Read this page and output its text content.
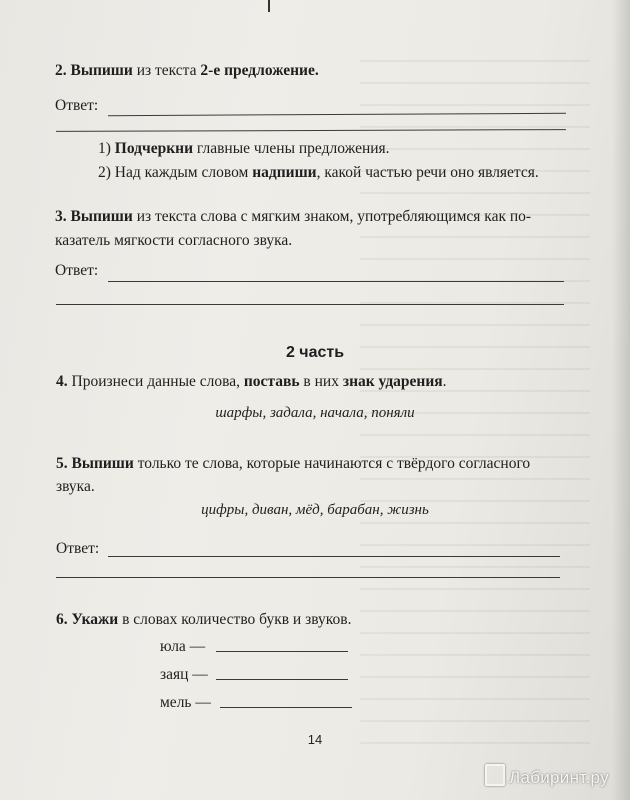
2. Выпиши из текста 2-е предложение.
Ответ:
1) Подчеркни главные члены предложения.
2) Над каждым словом надпиши, какой частью речи оно является.
3. Выпиши из текста слова с мягким знаком, употребляющимся как по-
казатель мягкости согласного звука.
Ответ:
2 часть
4. Произнеси данные слова, поставь в них знак ударения.
шарфы, задала, начала, поняли
5. Выпиши только те слова, которые начинаются с твёрдого согласного
звука.
цифры, диван, мёд, барабан, жизнь
Ответ:
6. Укажи в словах количество букв и звуков.
юла —
заяц —
мель —
14
Лабиринт.ру
